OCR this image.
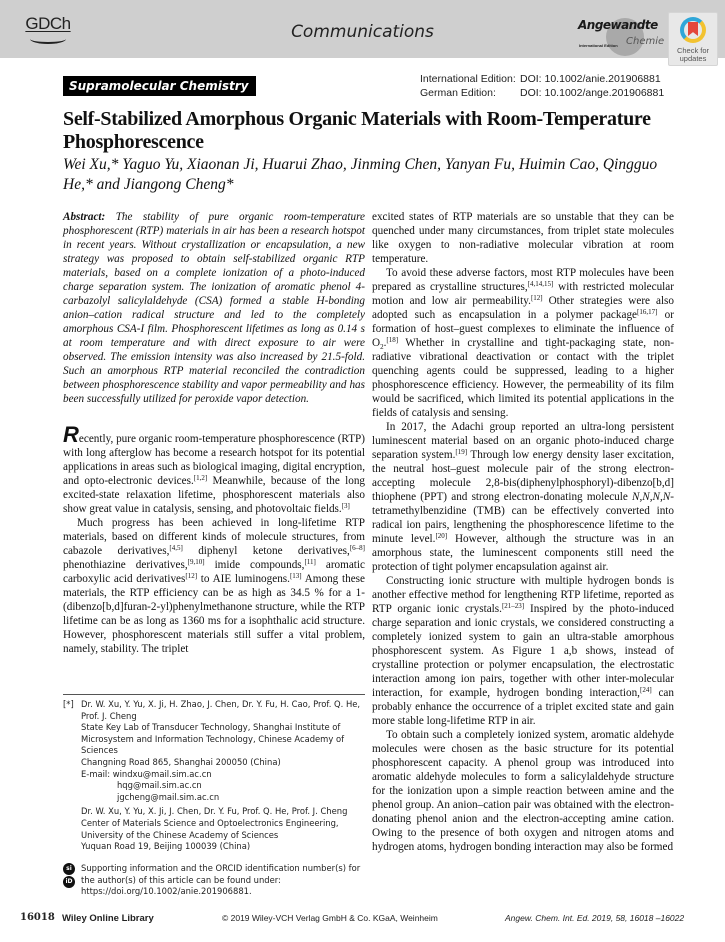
GDCh	Communications	Angewandte
International Edition Chemie
Check for
updates
Supramolecular Chemistry	International Edition: DOI: 10.1002/anie.201906881
German Edition:	DOI: 10.1002/ange.201906881
Self-Stabilized Amorphous Organic Materials with Room-Temperature Phosphorescence
Wei Xu,* Yaguo Yu, Xiaonan Ji, Huarui Zhao, Jinming Chen, Yanyan Fu, Huimin Cao, Qingguo He,* and Jiangong Cheng*
Abstract: The stability of pure organic room-temperature phosphorescent (RTP) materials in air has been a research hotspot in recent years. Without crystallization or encapsulation, a new strategy was proposed to obtain self-stabilized organic RTP materials, based on a complete ionization of a photo-induced charge separation system. The ionization of aromatic phenol 4-carbazolyl salicylaldehyde (CSA) formed a stable H-bonding anion–cation radical structure and led to the completely amorphous CSA-I film. Phosphorescent lifetimes as long as 0.14 s at room temperature and with direct exposure to air were observed. The emission intensity was also increased by 21.5-fold. Such an amorphous RTP material reconciled the contradiction between phosphorescence stability and vapor permeability and has been successfully utilized for peroxide vapor detection.

Recently, pure organic room-temperature phosphorescence (RTP) with long afterglow has become a research hotspot for its potential applications in areas such as biological imaging, digital encryption, and opto-electronic devices.[1,2] Meanwhile, because of the long excited-state relaxation lifetime, phosphorescent materials also show great value in catalysis, sensing, and photovoltaic fields.[3]

Much progress has been achieved in long-lifetime RTP materials, based on different kinds of molecule structures, from cabazole derivatives,[4,5] diphenyl ketone derivatives,[6–8] phenothiazine derivatives,[9,10] imide compounds,[11] aromatic carboxylic acid derivatives[12] to AIE luminogens.[13] Among these materials, the RTP efficiency can be as high as 34.5 % for a 1-(dibenzo[b,d]furan-2-yl)phenylmethanone structure, while the RTP lifetime can be as long as 1360 ms for a isophthalic acid structure. However, phosphorescent materials still suffer a vital problem, namely, stability. The triplet

[*] Dr. W. Xu, Y. Yu, X. Ji, H. Zhao, J. Chen, Dr. Y. Fu, H. Cao, Prof. Q. He, Prof. J. Cheng
State Key Lab of Transducer Technology, Shanghai Institute of Microsystem and Information Technology, Chinese Academy of Sciences
Changning Road 865, Shanghai 200050 (China)
E-mail: windxu@mail.sim.ac.cn
hqg@mail.sim.ac.cn
jgcheng@mail.sim.ac.cn
Dr. W. Xu, Y. Yu, X. Ji, J. Chen, Dr. Y. Fu, Prof. Q. He, Prof. J. Cheng
Center of Materials Science and Optoelectronics Engineering, University of the Chinese Academy of Sciences
Yuquan Road 19, Beijing 100039 (China)
si
iD
Supporting information and the ORCID identification number(s) for the author(s) of this article can be found under:
https://doi.org/10.1002/anie.201906881.

excited states of RTP materials are so unstable that they can be quenched under many circumstances, from triplet state molecules like oxygen to non-radiative molecular vibration at room temperature.

To avoid these adverse factors, most RTP molecules have been prepared as crystalline structures,[4,14,15] with restricted molecular motion and low air permeability.[12] Other strategies were also adopted such as encapsulation in a polymer package[16,17] or formation of host–guest complexes to eliminate the influence of $O_2.[18]$ Whether in crystalline and tight-packaging state, non-radiative vibrational deactivation or contact with the triplet quenching agents could be suppressed, leading to a higher phosphorescence efficiency. However, the permeability of its film would be sacrificed, which limited its potential applications in the fields of catalysis and sensing.

In 2017, the Adachi group reported an ultra-long persistent luminescent material based on an organic photo-induced charge separation system.[19] Through low energy density laser excitation, the neutral host–guest molecule pair of the strong electron-accepting molecule 2,8-bis(diphenylphosphoryl)-dibenzo[b,d] thiophene (PPT) and strong electron-donating molecule N,N,N,N-tetramethylbenzidine (TMB) can be effectively converted into radical ion pairs, lengthening the phosphorescence lifetime to the minute level.[20] However, although the structure was in an amorphous state, the luminescent components still need the protection of tight polymer encapsulation against air.

Constructing ionic structure with multiple hydrogen bonds is another effective method for lengthening RTP lifetime, reported as RTP organic ionic crystals.[21–23] Inspired by the photo-induced charge separation and ionic crystals, we considered constructing a completely ionized system to gain an ultra-stable amorphous phosphorescent system. As Figure 1 a,b shows, instead of crystalline protection or polymer encapsulation, the electrostatic interaction among ion pairs, together with other inter-molecular interaction, for example, hydrogen bonding interaction,[24] can probably enhance the occurrence of a triplet excited state and gain more stable long-lifetime RTP in air.

To obtain such a completely ionized system, aromatic aldehyde molecules were chosen as the basic structure for its potential phosphorescent capacity. A phenol group was introduced into aromatic aldehyde molecules to form a salicylaldehyde structure for the ionization upon a simple reaction between amine and the phenol group. An anion–cation pair was obtained with the electron-donating phenol anion and the electron-accepting amine cation. Owing to the presence of both oxygen and nitrogen atoms and hydrogen atoms, hydrogen bonding interaction may also be formed

16018 Wiley Online Library	© 2019 Wiley-VCH Verlag GmbH & Co. KGaA, Weinheim	Angew. Chem. Int. Ed. 2019, 58, 16018 –16022
